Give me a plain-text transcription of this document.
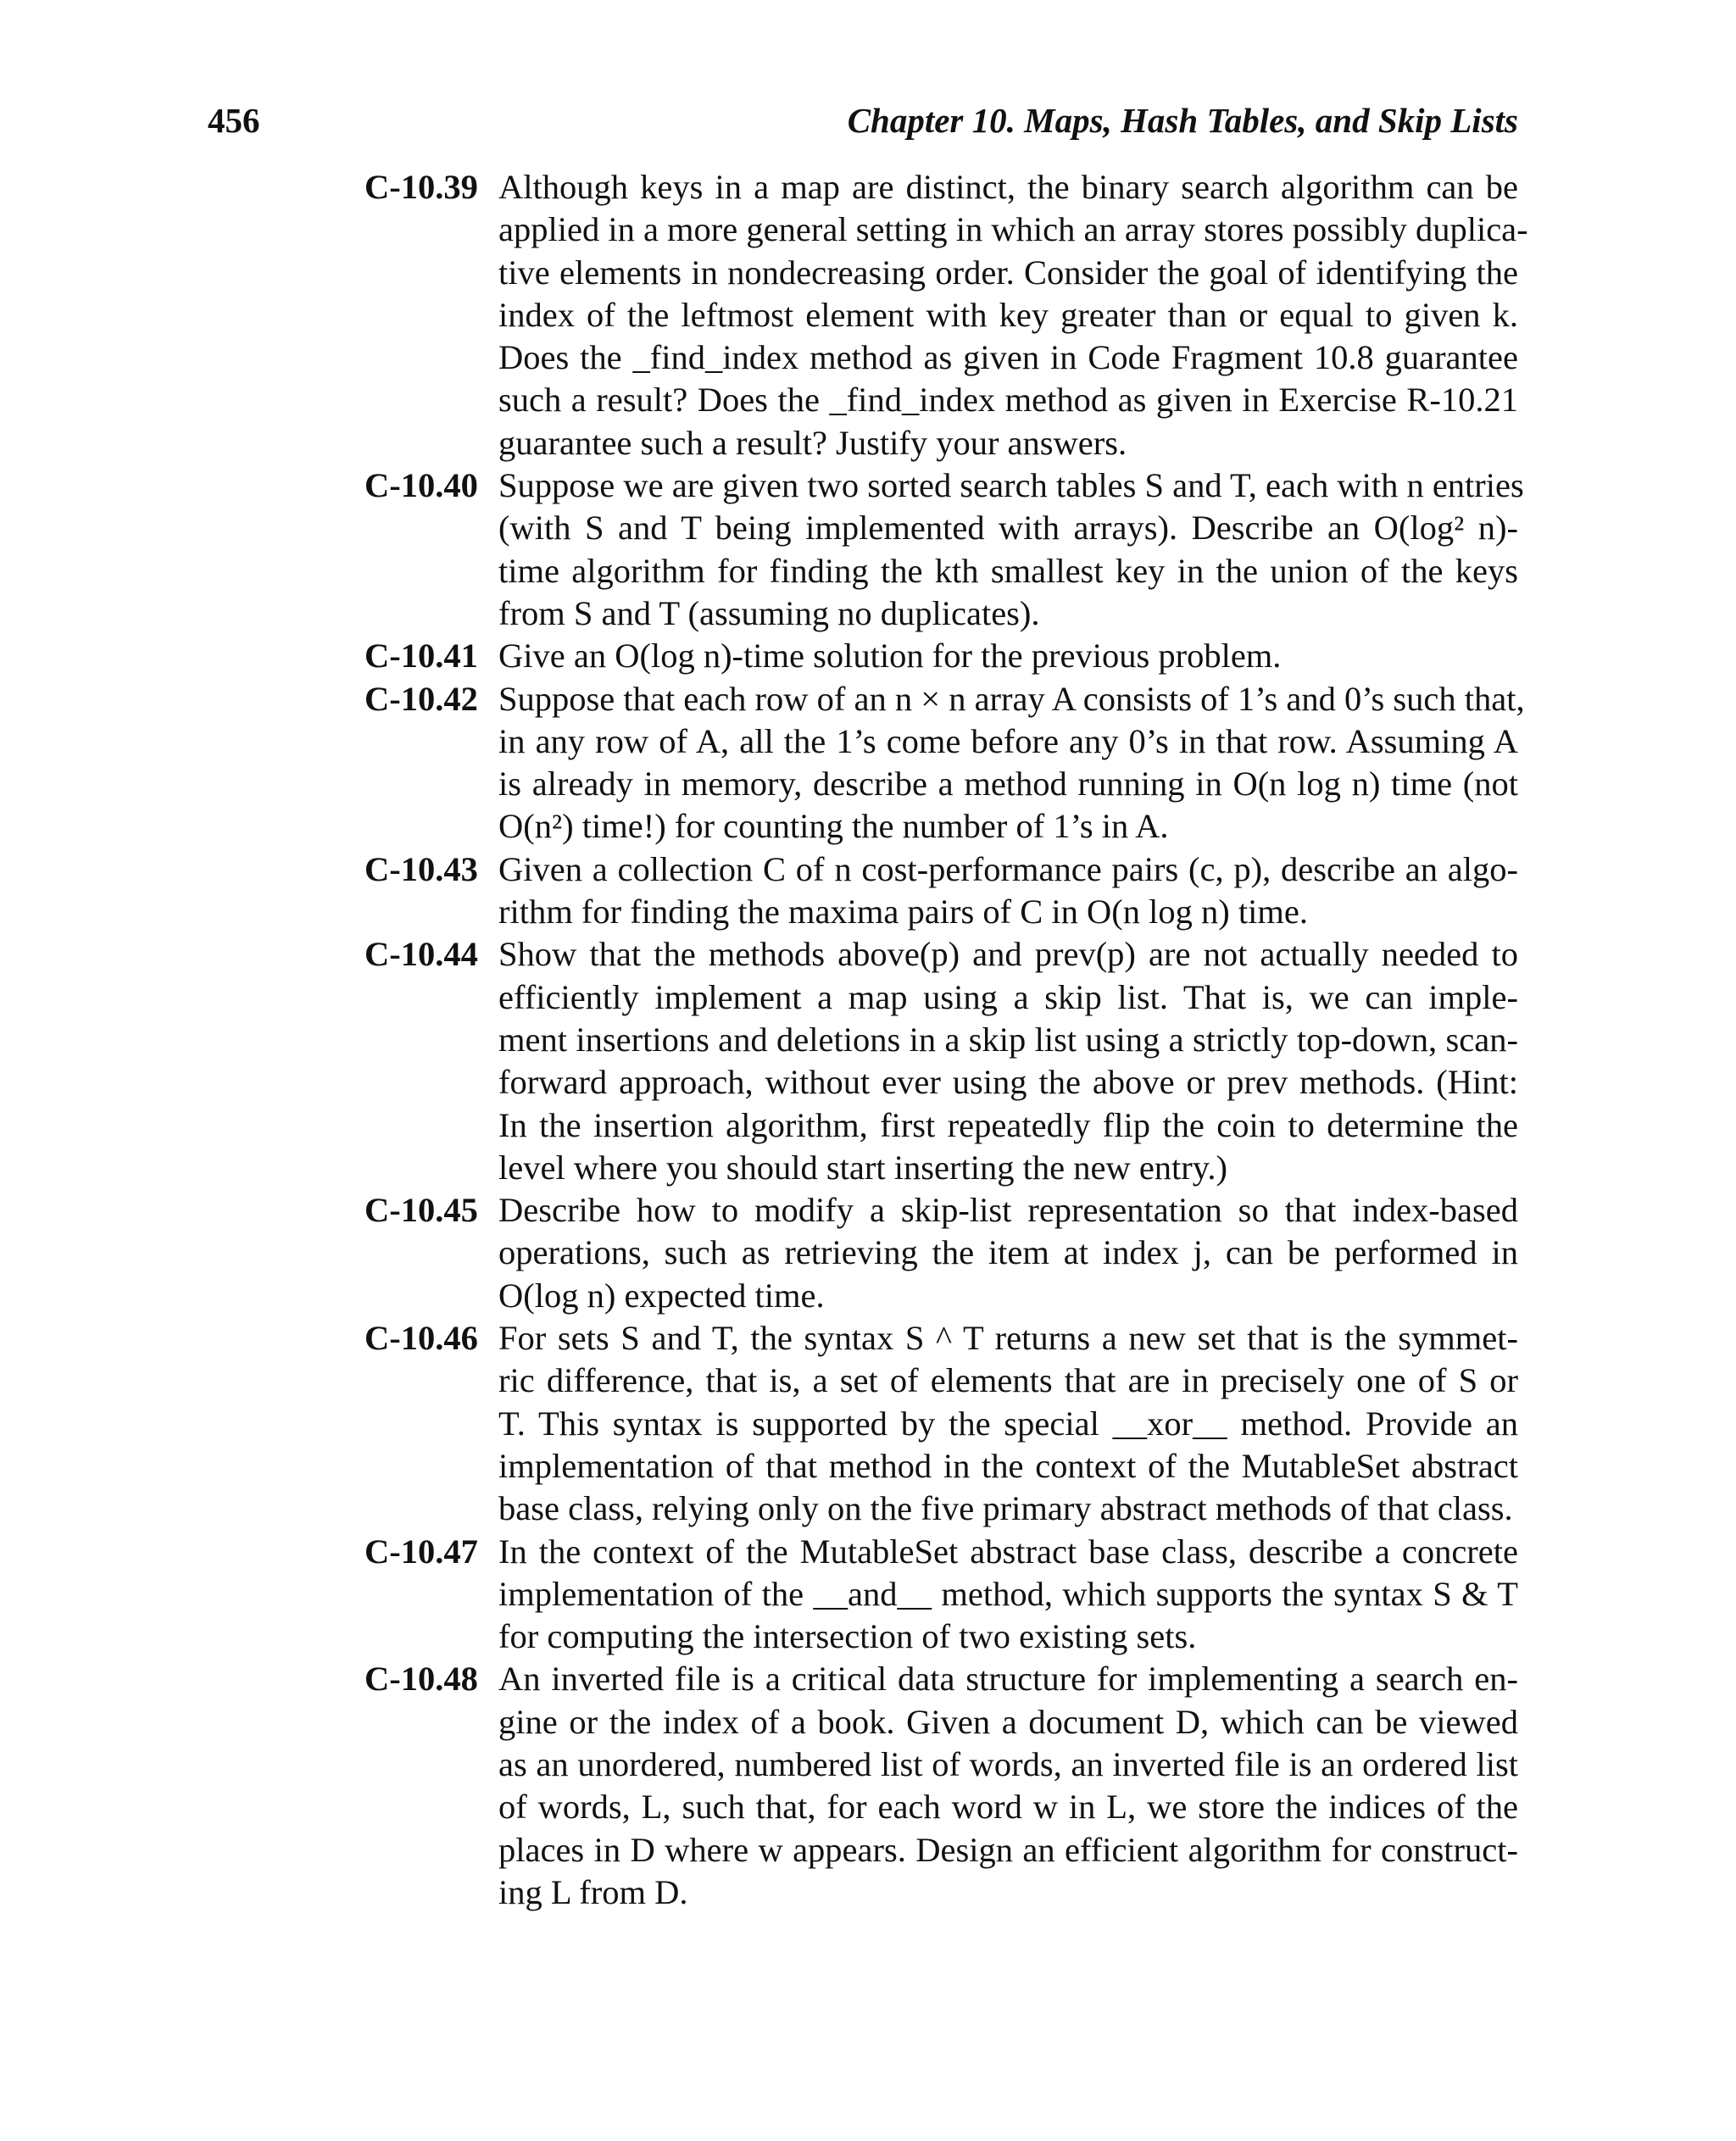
456	Chapter 10. Maps, Hash Tables, and Skip Lists
C-10.39 Although keys in a map are distinct, the binary search algorithm can be
applied in a more general setting in which an array stores possibly duplica-
tive elements in nondecreasing order. Consider the goal of identifying the
index of the leftmost element with key greater than or equal to given k.
Does the _find_index method as given in Code Fragment 10.8 guarantee
such a result? Does the _find_index method as given in Exercise R-10.21
guarantee such a result? Justify your answers.
C-10.40 Suppose we are given two sorted search tables S and T, each with n entries
(with S and T being implemented with arrays). Describe an O(log² n)-
time algorithm for finding the kth smallest key in the union of the keys
from S and T (assuming no duplicates).
C-10.41 Give an O(log n)-time solution for the previous problem.
C-10.42 Suppose that each row of an n × n array A consists of 1’s and 0’s such that,
in any row of A, all the 1’s come before any 0’s in that row. Assuming A
is already in memory, describe a method running in O(n log n) time (not
O(n²) time!) for counting the number of 1’s in A.
C-10.43 Given a collection C of n cost-performance pairs (c, p), describe an algo-
rithm for finding the maxima pairs of C in O(n log n) time.
C-10.44 Show that the methods above(p) and prev(p) are not actually needed to
efficiently implement a map using a skip list. That is, we can imple-
ment insertions and deletions in a skip list using a strictly top-down, scan-
forward approach, without ever using the above or prev methods. (Hint:
In the insertion algorithm, first repeatedly flip the coin to determine the
level where you should start inserting the new entry.)
C-10.45 Describe how to modify a skip-list representation so that index-based
operations, such as retrieving the item at index j, can be performed in
O(log n) expected time.
C-10.46 For sets S and T, the syntax S ^ T returns a new set that is the symmet-
ric difference, that is, a set of elements that are in precisely one of S or
T. This syntax is supported by the special __xor__ method. Provide an
implementation of that method in the context of the MutableSet abstract
base class, relying only on the five primary abstract methods of that class.
C-10.47 In the context of the MutableSet abstract base class, describe a concrete
implementation of the __and__ method, which supports the syntax S & T
for computing the intersection of two existing sets.
C-10.48 An inverted file is a critical data structure for implementing a search en-
gine or the index of a book. Given a document D, which can be viewed
as an unordered, numbered list of words, an inverted file is an ordered list
of words, L, such that, for each word w in L, we store the indices of the
places in D where w appears. Design an efficient algorithm for construct-
ing L from D.
